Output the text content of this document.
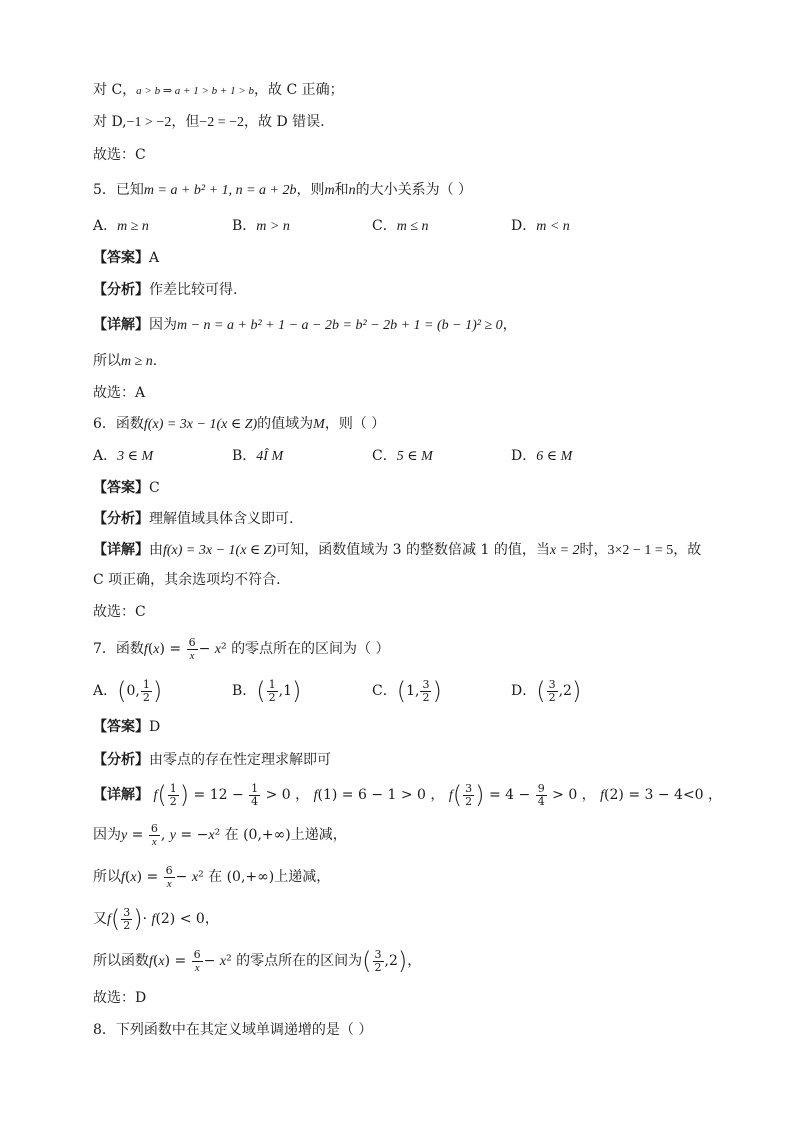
对 C，a > b ⇒ a + 1 > b + 1 > b，故 C 正确；
对 D,−1 > −2，但−2 = −2，故 D 错误.
故选：C
5．已知m = a + b² + 1, n = a + 2b，则m和n的大小关系为（ ）
A．m ≥ n	B．m > n	C．m ≤ n	D．m < n
【答案】A
【分析】作差比较可得.
【详解】因为m − n = a + b² + 1 − a − 2b = b² − 2b + 1 = (b − 1)² ≥ 0，
所以m ≥ n.
故选：A
6．函数f(x) = 3x − 1(x ∈ Z)的值域为M，则（ ）
A．3 ∈ M	B．4Î M	C．5 ∈ M	D．6 ∈ M
【答案】C
【分析】理解值域具体含义即可.
【详解】由f(x) = 3x − 1(x ∈ Z)可知，函数值域为 3 的整数倍减 1 的值，当x = 2时，3×2 − 1 = 5，故
C 项正确，其余选项均不符合.
故选：C
7．函数$f(x) = \frac{6}{x} - x^2$ 的零点所在的区间为（ ）
A．(0, $\frac{1}{2}$ )	B．( $\frac{1}{2} ,1$)	C．(1, $\frac{3}{2}$ )	D．( $\frac{3}{2} ,2$)
【答案】D
【分析】由零点的存在性定理求解即可
【详解】 $f( \frac{1}{2}$ ) = $12 - \frac{1}{4} > 0$ ， f(1) = 6 − 1 > 0 ， $f( \frac{3}{2}$ ) = $4 - \frac{9}{4} > 0$ ， f(2) = 3 − 4<0 ，
因为$y = \frac{6}{x}$ , y = −x² 在 (0,+∞)上递减，
所以$f(x) = \frac{6}{x} - x^2$ 在 (0,+∞)上递减，
又$f( \frac{3}{2}$ )· f(2) < 0，
所以函数$f(x) = \frac{6}{x} - x^2$ 的零点所在的区间为( $\frac{3}{2} ,2$)，
故选：D
8．下列函数中在其定义域单调递增的是（ ）
